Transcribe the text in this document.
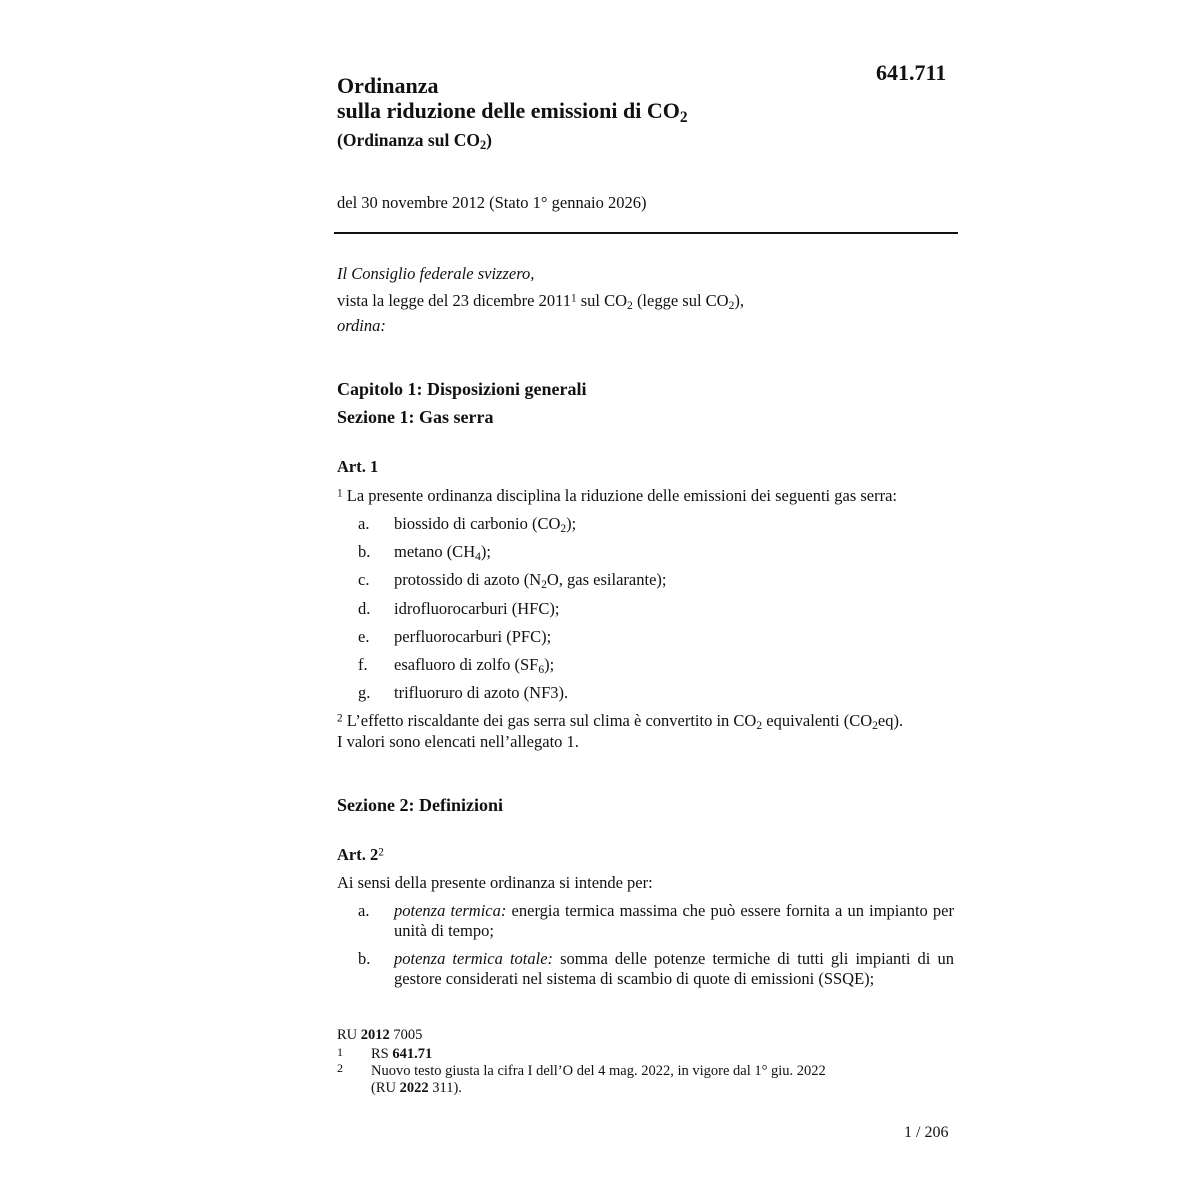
641.711
Ordinanza
sulla riduzione delle emissioni di $CO_2$
(Ordinanza sul $CO_2$)
del 30 novembre 2012 (Stato 1° gennaio 2026)
Il Consiglio federale svizzero,
vista la legge del 23 dicembre 2011$^1$ sul $CO_2$ (legge sul $CO_2$),
ordina:
Capitolo 1: Disposizioni generali
Sezione 1: Gas serra
Art. 1
$^1$ La presente ordinanza disciplina la riduzione delle emissioni dei seguenti gas serra:
a. biossido di carbonio $(CO_2)$;
b. metano $(CH_4)$;
c. protossido di azoto ($N_2O$, gas esilarante);
d. idrofluorocarburi (HFC);
e. perfluorocarburi (PFC);
f. esafluoro di zolfo $(SF_6)$;
g. trifluoruro di azoto (NF3).
$^2$ L’effetto riscaldante dei gas serra sul clima è convertito in $CO_2$ equivalenti $(CO_2eq)$.
I valori sono elencati nell’allegato 1.
Sezione 2: Definizioni
Art. $2^2$
Ai sensi della presente ordinanza si intende per:
a. potenza termica: energia termica massima che può essere fornita a un impianto per unità di tempo;
b. potenza termica totale: somma delle potenze termiche di tutti gli impianti di un gestore considerati nel sistema di scambio di quote di emissioni (SSQE);
RU 2012 7005
1 RS 641.71
2 Nuovo testo giusta la cifra I dell’O del 4 mag. 2022, in vigore dal 1° giu. 2022
(RU 2022 311).
1 / 206
